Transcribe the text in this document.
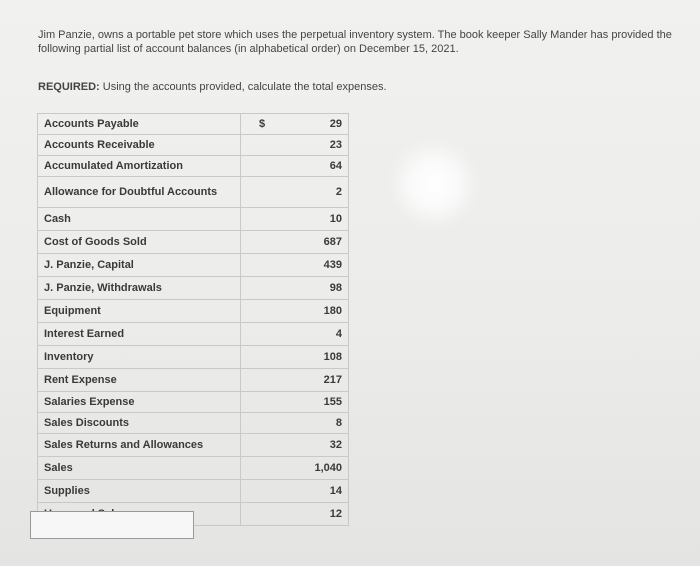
Jim Panzie, owns a portable pet store which uses the perpetual inventory system. The book keeper Sally Mander has provided the following partial list of account balances (in alphabetical order) on December 15, 2021.
REQUIRED: Using the accounts provided, calculate the total expenses.
Accounts Payable	$ 29
Accounts Receivable	23
Accumulated Amortization	64
Allowance for Doubtful Accounts	2
Cash	10
Cost of Goods Sold	687
J. Panzie, Capital	439
J. Panzie, Withdrawals	98
Equipment	180
Interest Earned	4
Inventory	108
Rent Expense	217
Salaries Expense	155
Sales Discounts	8
Sales Returns and Allowances	32
Sales	1,040
Supplies	14
	12
